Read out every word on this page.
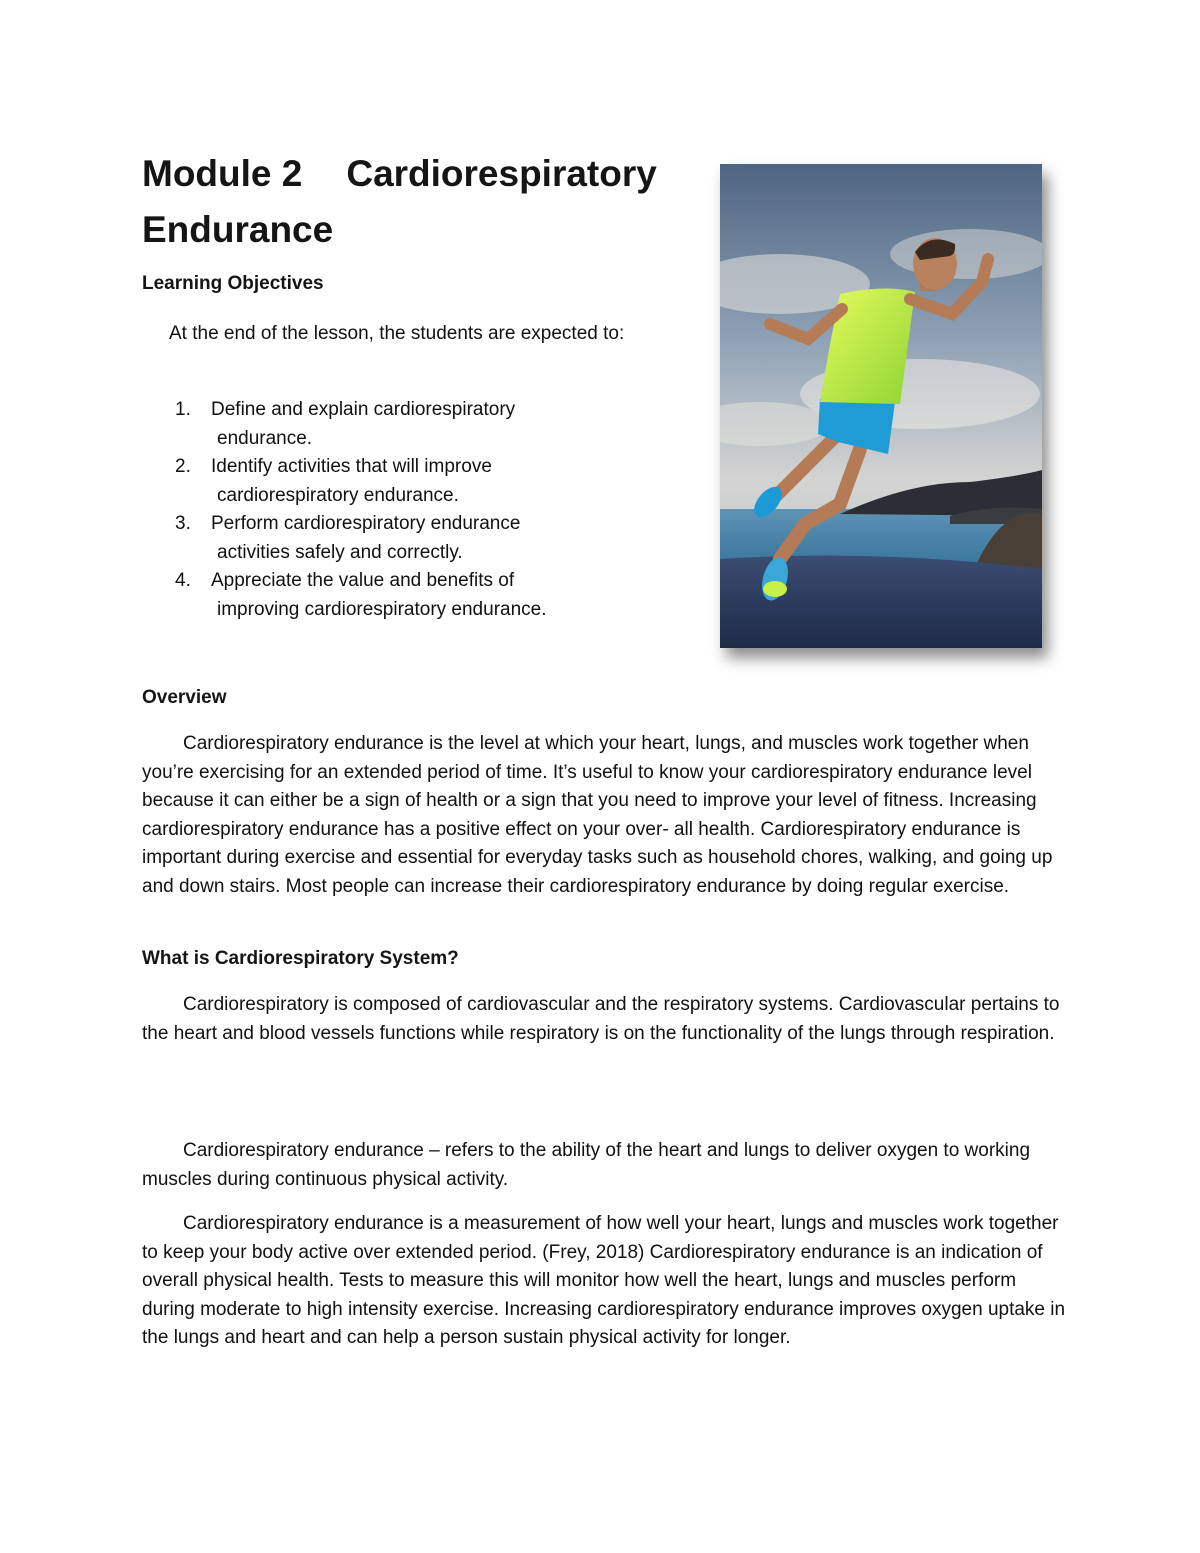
Module 2 Cardiorespiratory
Endurance
Learning Objectives

At the end of the lesson, the students are expected to:

1. Define and explain cardiorespiratory endurance.
2. Identify activities that will improve cardiorespiratory endurance.
3. Perform cardiorespiratory endurance activities safely and correctly.
4. Appreciate the value and benefits of improving cardiorespiratory endurance.
Overview

Cardiorespiratory endurance is the level at which your heart, lungs, and muscles work together when you’re exercising for an extended period of time. It’s useful to know your cardiorespiratory endurance level because it can either be a sign of health or a sign that you need to improve your level of fitness. Increasing cardiorespiratory endurance has a positive effect on your over- all health. Cardiorespiratory endurance is important during exercise and essential for everyday tasks such as household chores, walking, and going up and down stairs. Most people can increase their cardiorespiratory endurance by doing regular exercise.

What is Cardiorespiratory System?

Cardiorespiratory is composed of cardiovascular and the respiratory systems. Cardiovascular pertains to the heart and blood vessels functions while respiratory is on the functionality of the lungs through respiration.

Cardiorespiratory endurance – refers to the ability of the heart and lungs to deliver oxygen to working muscles during continuous physical activity.

Cardiorespiratory endurance is a measurement of how well your heart, lungs and muscles work together to keep your body active over extended period. (Frey, 2018) Cardiorespiratory endurance is an indication of overall physical health. Tests to measure this will monitor how well the heart, lungs and muscles perform during moderate to high intensity exercise. Increasing cardiorespiratory endurance improves oxygen uptake in the lungs and heart and can help a person sustain physical activity for longer.
